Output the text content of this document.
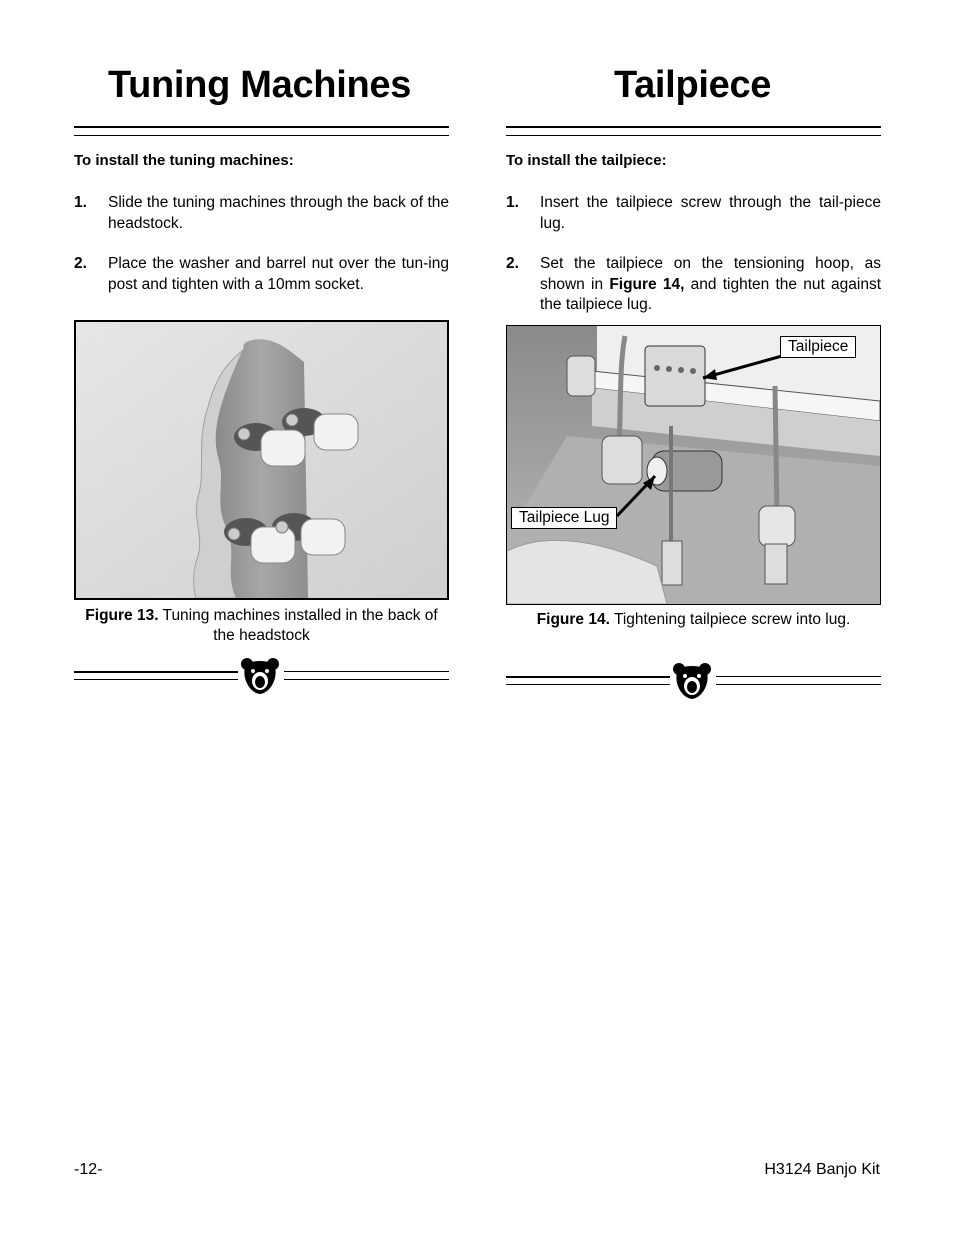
Tuning Machines

To install the tuning machines:

1. Slide the tuning machines through the back of the headstock.
2. Place the washer and barrel nut over the tun-ing post and tighten with a 10mm socket.
Figure 13. Tuning machines installed in the back of the headstock
Tailpiece

To install the tailpiece:

1. Insert the tailpiece screw through the tail-piece lug.
2. Set the tailpiece on the tensioning hoop, as shown in Figure 14, and tighten the nut against the tailpiece lug.
Tailpiece
Tailpiece Lug
Figure 14. Tightening tailpiece screw into lug.
-12-	H3124 Banjo Kit
